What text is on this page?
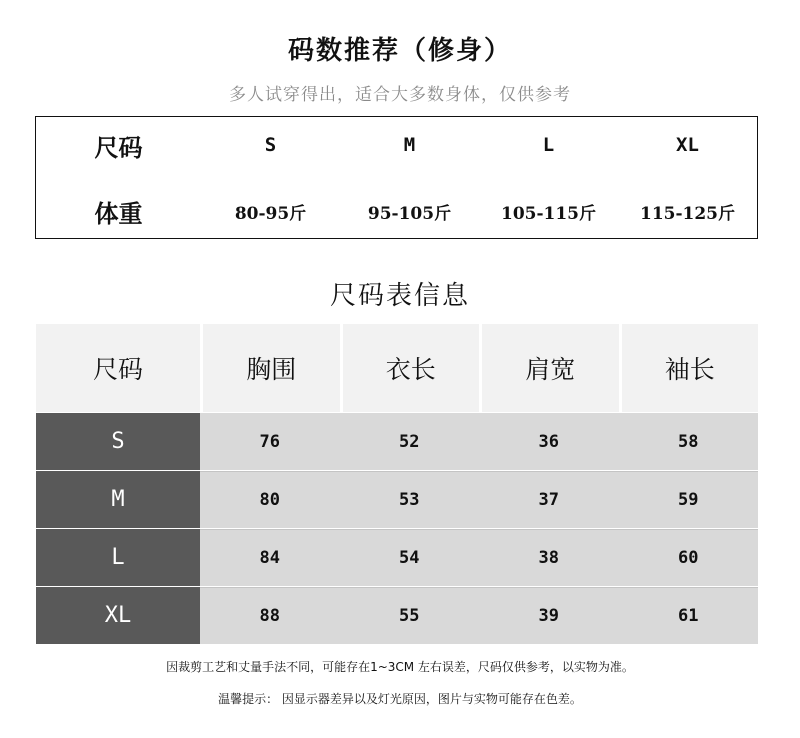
码数推荐（修身）
多人试穿得出，适合大多数身体，仅供参考
尺码	S	M	L	XL
体重	80-95斤	95-105斤	105-115斤	115-125斤
尺码表信息
尺码	胸围	衣长	肩宽	袖长
S	76	52	36	58
M	80	53	37	59
L	84	54	38	60
XL	88	55	39	61
因裁剪工艺和丈量手法不同，可能存在1~3CM 左右误差，尺码仅供参考，以实物为准。
温馨提示： 因显示器差异以及灯光原因，图片与实物可能存在色差。
